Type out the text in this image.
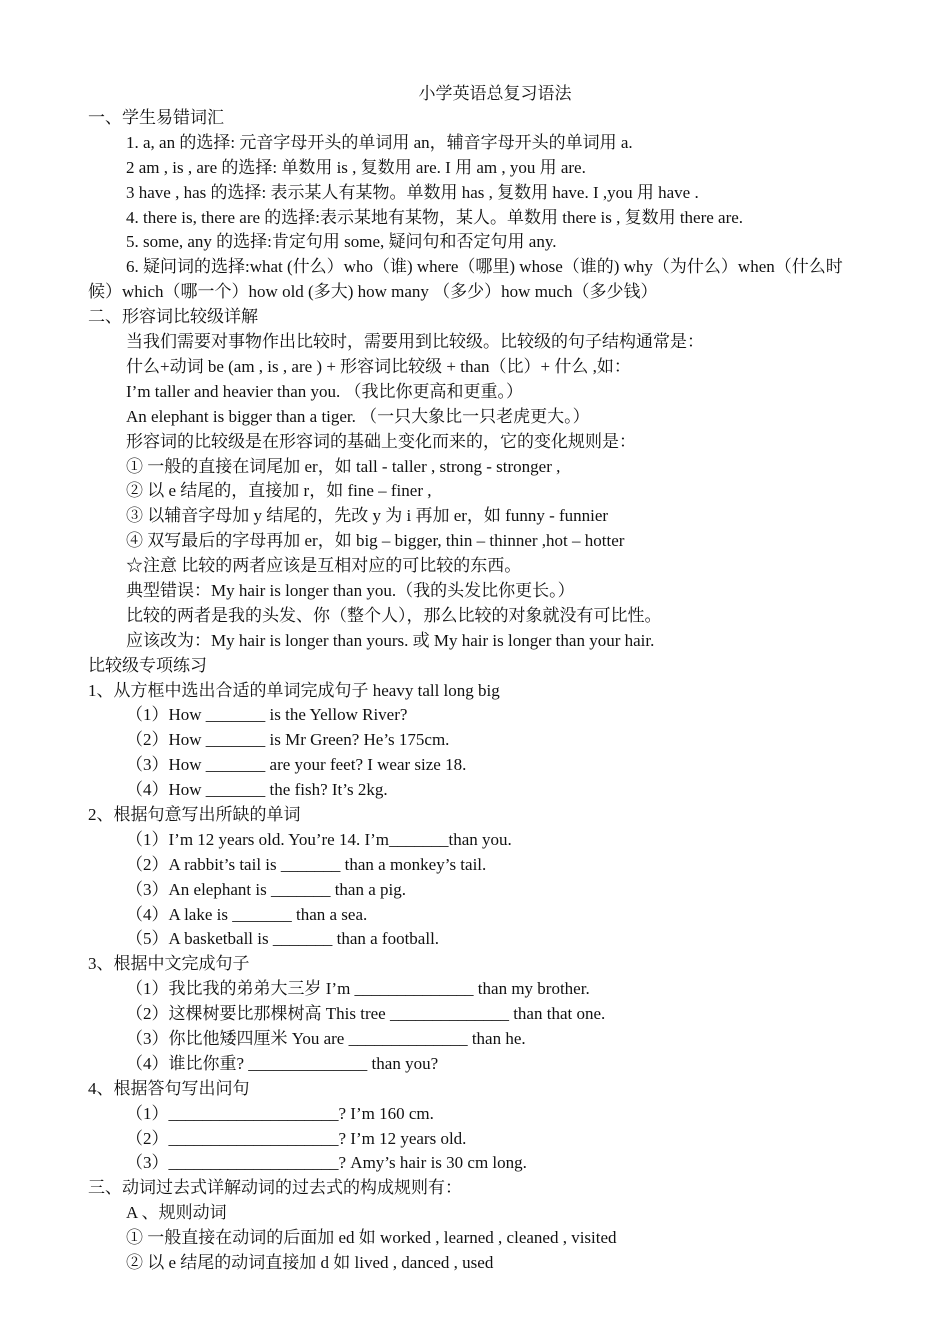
小学英语总复习语法
一、学生易错词汇
1. a, an 的选择: 元音字母开头的单词用 an，辅音字母开头的单词用 a.
2 am , is , are 的选择: 单数用 is , 复数用 are. I 用 am , you 用 are.
3 have , has 的选择: 表示某人有某物。单数用 has , 复数用 have. I ,you 用 have .
4. there is, there are 的选择:表示某地有某物，某人。单数用 there is , 复数用 there are.
5. some, any 的选择:肯定句用 some, 疑问句和否定句用 any.
6. 疑问词的选择:what (什么）who（谁) where（哪里) whose（谁的) why（为什么）when（什么时候）which（哪一个）how old (多大) how many （多少）how much（多少钱）
二、形容词比较级详解
当我们需要对事物作出比较时，需要用到比较级。比较级的句子结构通常是：
什么+动词 be (am , is , are ) + 形容词比较级 + than（比）+ 什么 ,如：
I’m taller and heavier than you. （我比你更高和更重。）
An elephant is bigger than a tiger. （一只大象比一只老虎更大。）
形容词的比较级是在形容词的基础上变化而来的，它的变化规则是：
① 一般的直接在词尾加 er，如 tall - taller , strong - stronger ,
② 以 e 结尾的，直接加 r，如 fine – finer ,
③ 以辅音字母加 y 结尾的，先改 y 为 i 再加 er，如 funny - funnier
④ 双写最后的字母再加 er，如 big – bigger, thin – thinner ,hot – hotter
☆注意 比较的两者应该是互相对应的可比较的东西。
典型错误：My hair is longer than you.（我的头发比你更长。）
比较的两者是我的头发、你（整个人），那么比较的对象就没有可比性。
应该改为：My hair is longer than yours. 或 My hair is longer than your hair.
比较级专项练习
1、从方框中选出合适的单词完成句子 heavy tall long big
（1）How _______ is the Yellow River?
（2）How _______ is Mr Green? He’s 175cm.
（3）How _______ are your feet? I wear size 18.
（4）How _______ the fish? It’s 2kg.
2、根据句意写出所缺的单词
（1）I’m 12 years old. You’re 14. I’m_______than you.
（2）A rabbit’s tail is _______ than a monkey’s tail.
（3）An elephant is _______ than a pig.
（4）A lake is _______ than a sea.
（5）A basketball is _______ than a football.
3、根据中文完成句子
（1）我比我的弟弟大三岁 I’m ______________ than my brother.
（2）这棵树要比那棵树高 This tree ______________ than that one.
（3）你比他矮四厘米 You are ______________ than he.
（4）谁比你重? ______________ than you?
4、根据答句写出问句
（1）____________________? I’m 160 cm.
（2）____________________? I’m 12 years old.
（3）____________________? Amy’s hair is 30 cm long.
三、动词过去式详解动词的过去式的构成规则有：
A 、规则动词
① 一般直接在动词的后面加 ed 如 worked , learned , cleaned , visited
② 以 e 结尾的动词直接加 d 如 lived , danced , used
